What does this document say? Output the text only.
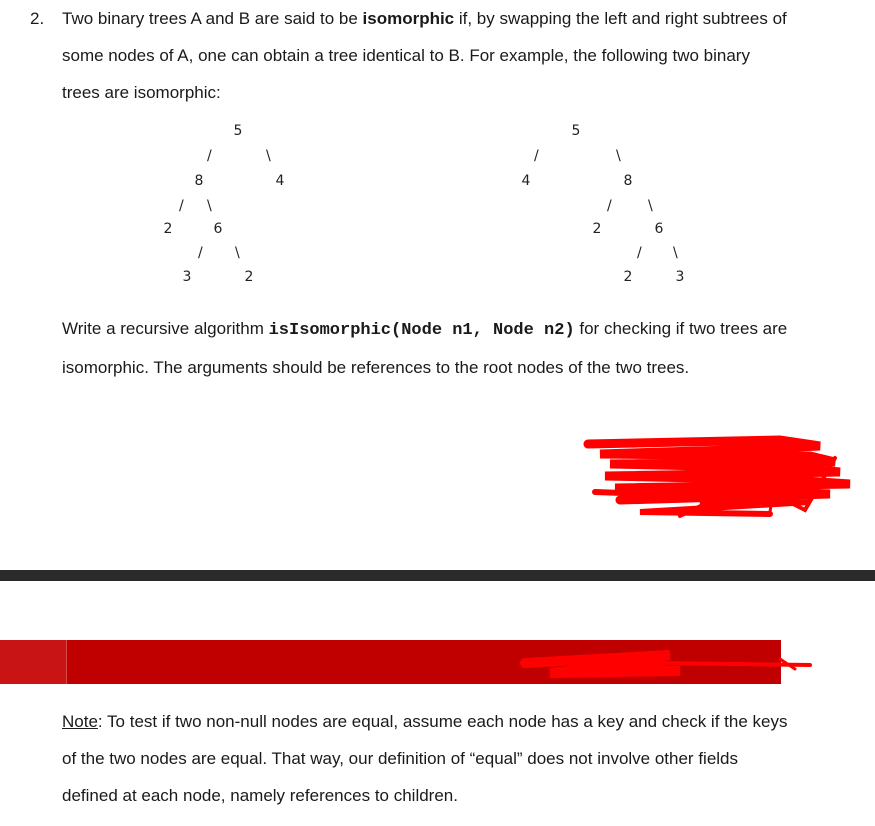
2. Two binary trees A and B are said to be isomorphic if, by swapping the left and right subtrees of some nodes of A, one can obtain a tree identical to B. For example, the following two binary trees are isomorphic:

5
/	\
8	4
/ \
2	6
/ \
3	2
5
/	\
4	8
/	\
2	6
/ \
2	3

Write a recursive algorithm isIsomorphic(Node n1, Node n2) for checking if two trees are isomorphic. The arguments should be references to the root nodes of the two trees.

Note: To test if two non-null nodes are equal, assume each node has a key and check if the keys of the two nodes are equal. That way, our definition of “equal” does not involve other fields defined at each node, namely references to children.
